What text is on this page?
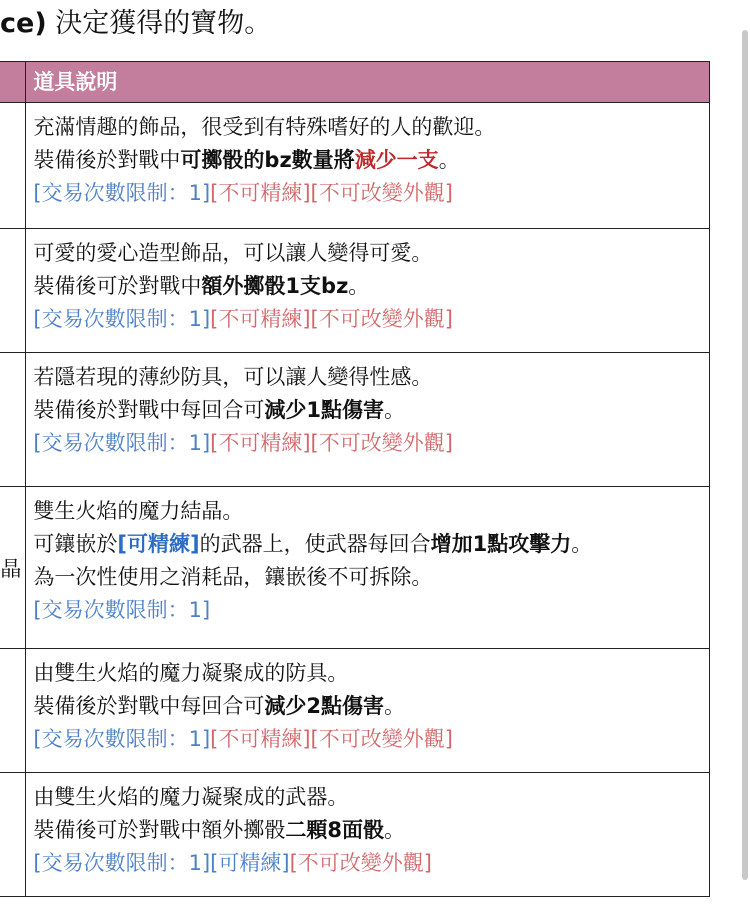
ce) 決定獲得的寶物。
	道具說明

	充滿情趣的飾品，很受到有特殊嗜好的人的歡迎。
裝備後於對戰中可擲骰的bz數量將減少一支。
[交易次數限制：1][不可精練][不可改變外觀]

	可愛的愛心造型飾品，可以讓人變得可愛。
裝備後可於對戰中額外擲骰1支bz。
[交易次數限制：1][不可精練][不可改變外觀]

	若隱若現的薄紗防具，可以讓人變得性感。
裝備後於對戰中每回合可減少1點傷害。
[交易次數限制：1][不可精練][不可改變外觀]

晶	雙生火焰的魔力結晶。
可鑲嵌於[可精練]的武器上，使武器每回合增加1點攻擊力。
為一次性使用之消耗品，鑲嵌後不可拆除。
[交易次數限制：1]

	由雙生火焰的魔力凝聚成的防具。
裝備後於對戰中每回合可減少2點傷害。
[交易次數限制：1][不可精練][不可改變外觀]

	由雙生火焰的魔力凝聚成的武器。
裝備後可於對戰中額外擲骰二顆8面骰。
[交易次數限制：1][可精練][不可改變外觀]
